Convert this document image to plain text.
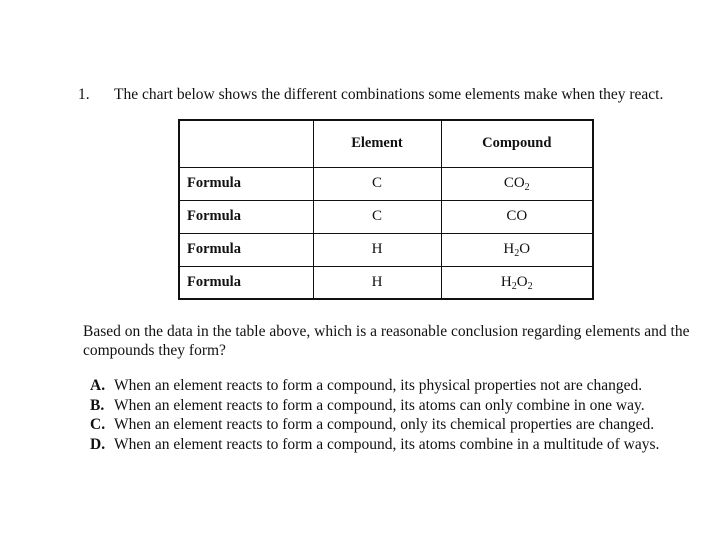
1. The chart below shows the different combinations some elements make when they react.
	Element	Compound
Formula	C	$CO_2$
Formula	C	CO
Formula	H	$H_2O$
Formula	H	$H_2O_2$
Based on the data in the table above, which is a reasonable conclusion regarding elements and the compounds they form?
A. When an element reacts to form a compound, its physical properties not are changed.
B. When an element reacts to form a compound, its atoms can only combine in one way.
C. When an element reacts to form a compound, only its chemical properties are changed.
D. When an element reacts to form a compound, its atoms combine in a multitude of ways.
